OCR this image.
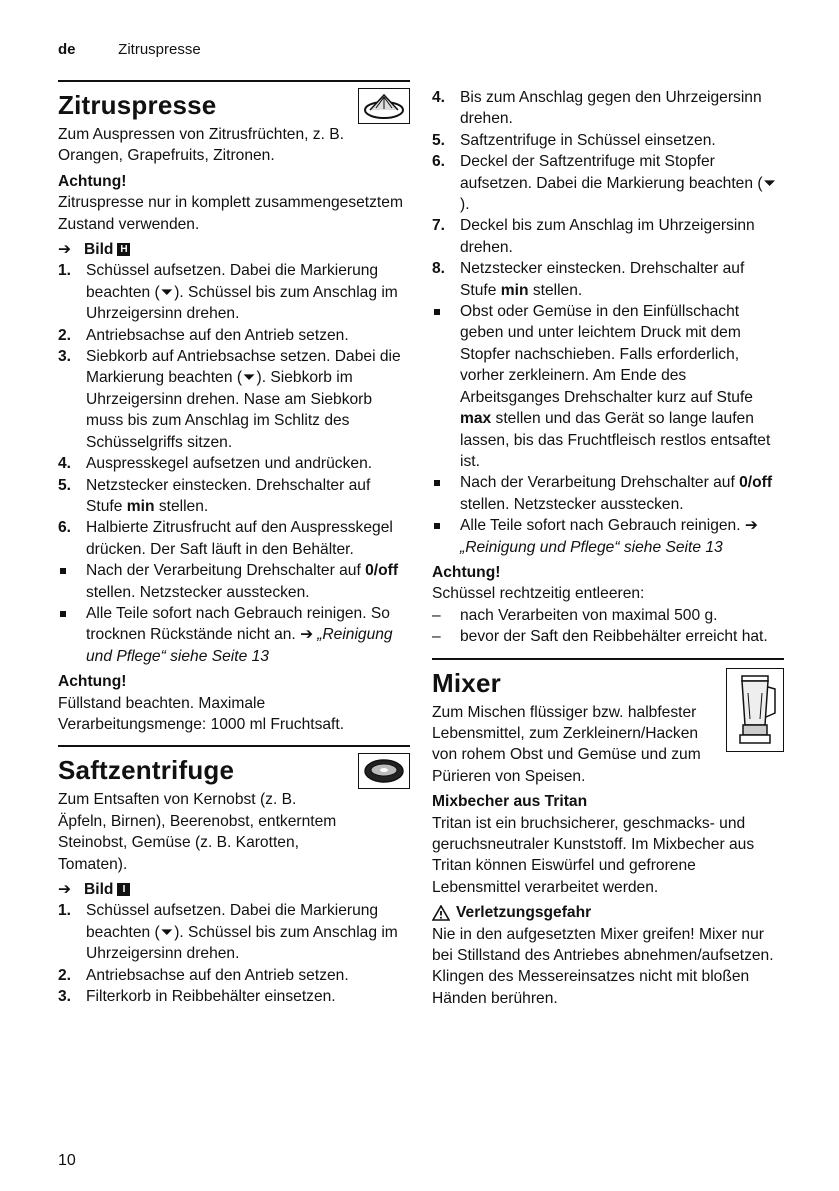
de	Zitruspresse
Zitruspresse

Zum Auspressen von Zitrusfrüchten, z. B. Orangen, Grapefruits, Zitronen.

Achtung!

Zitruspresse nur in komplett zusammengesetztem Zustand verwenden.

➔ Bild H
1. Schüssel aufsetzen. Dabei die Markierung beachten (⏷). Schüssel bis zum Anschlag im Uhrzeigersinn drehen.
2. Antriebsachse auf den Antrieb setzen.
3. Siebkorb auf Antriebsachse setzen. Dabei die Markierung beachten (⏷). Siebkorb im Uhrzeigersinn drehen. Nase am Siebkorb muss bis zum Anschlag im Schlitz des Schüsselgriffs sitzen.
4. Auspresskegel aufsetzen und andrücken.
5. Netzstecker einstecken. Drehschalter auf Stufe min stellen.
6. Halbierte Zitrusfrucht auf den Auspresskegel drücken. Der Saft läuft in den Behälter.
Nach der Verarbeitung Drehschalter auf 0/off stellen. Netzstecker ausstecken.
Alle Teile sofort nach Gebrauch reinigen. So trocknen Rückstände nicht an. ➔ „Reinigung und Pflege“ siehe Seite 13
Achtung!

Füllstand beachten. Maximale Verarbeitungsmenge: 1000 ml Fruchtsaft.

Saftzentrifuge

Zum Entsaften von Kernobst (z. B. Äpfeln, Birnen), Beerenobst, entkerntem Steinobst, Gemüse (z. B. Karotten, Tomaten).

➔ Bild I
1. Schüssel aufsetzen. Dabei die Markierung beachten (⏷). Schüssel bis zum Anschlag im Uhrzeigersinn drehen.
2. Antriebsachse auf den Antrieb setzen.
3. Filterkorb in Reibbehälter einsetzen.
4. Bis zum Anschlag gegen den Uhrzeigersinn drehen.
5. Saftzentrifuge in Schüssel einsetzen.
6. Deckel der Saftzentrifuge mit Stopfer aufsetzen. Dabei die Markierung beachten (⏷).
7. Deckel bis zum Anschlag im Uhrzeigersinn drehen.
8. Netzstecker einstecken. Drehschalter auf Stufe min stellen.
Obst oder Gemüse in den Einfüllschacht geben und unter leichtem Druck mit dem Stopfer nachschieben. Falls erforderlich, vorher zerkleinern. Am Ende des Arbeitsganges Drehschalter kurz auf Stufe max stellen und das Gerät so lange laufen lassen, bis das Fruchtfleisch restlos entsaftet ist.
Nach der Verarbeitung Drehschalter auf 0/off stellen. Netzstecker ausstecken.
Alle Teile sofort nach Gebrauch reinigen. ➔„Reinigung und Pflege“ siehe Seite 13
Achtung!

Schüssel rechtzeitig entleeren:

– nach Verarbeiten von maximal 500 g.
– bevor der Saft den Reibbehälter erreicht hat.
Mixer

Zum Mischen flüssiger bzw. halbfester Lebensmittel, zum Zerkleinern/Hacken von rohem Obst und Gemüse und zum Pürieren von Speisen.

Mixbecher aus Tritan

Tritan ist ein bruchsicherer, geschmacks- und geruchsneutraler Kunststoff. Im Mixbecher aus Tritan können Eiswürfel und gefrorene Lebensmittel verarbeitet werden.

Verletzungsgefahr

Nie in den aufgesetzten Mixer greifen! Mixer nur bei Stillstand des Antriebes abnehmen/aufsetzen. Klingen des Messereinsatzes nicht mit bloßen Händen berühren.

10
